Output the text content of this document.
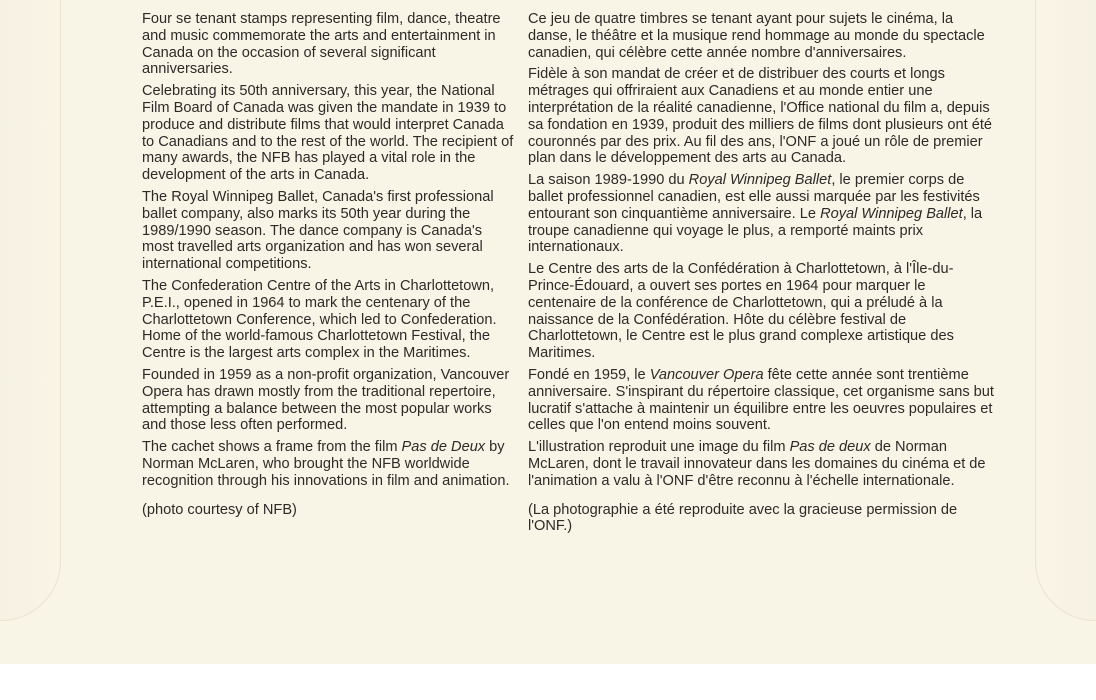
Four se tenant stamps representing film, dance, theatre and music commemorate the arts and entertainment in Canada on the occasion of several significant anniversaries.

Celebrating its 50th anniversary, this year, the National Film Board of Canada was given the mandate in 1939 to produce and distribute films that would interpret Canada to Canadians and to the rest of the world. The recipient of many awards, the NFB has played a vital role in the development of the arts in Canada.

The Royal Winnipeg Ballet, Canada's first professional ballet company, also marks its 50th year during the 1989/1990 season. The dance company is Canada's most travelled arts organization and has won several international competitions.

The Confederation Centre of the Arts in Charlottetown, P.E.I., opened in 1964 to mark the centenary of the Charlottetown Conference, which led to Confederation. Home of the world-famous Charlottetown Festival, the Centre is the largest arts complex in the Maritimes.

Founded in 1959 as a non-profit organization, Vancouver Opera has drawn mostly from the traditional repertoire, attempting a balance between the most popular works and those less often performed.

The cachet shows a frame from the film Pas de Deux by Norman McLaren, who brought the NFB worldwide recognition through his innovations in film and animation.

(photo courtesy of NFB)

Ce jeu de quatre timbres se tenant ayant pour sujets le cinéma, la danse, le théâtre et la musique rend hommage au monde du spectacle canadien, qui célèbre cette année nombre d'anniversaires.

Fidèle à son mandat de créer et de distribuer des courts et longs métrages qui offriraient aux Canadiens et au monde entier une interprétation de la réalité canadienne, l'Office national du film a, depuis sa fondation en 1939, produit des milliers de films dont plusieurs ont été couronnés par des prix. Au fil des ans, l'ONF a joué un rôle de premier plan dans le développement des arts au Canada.

La saison 1989-1990 du Royal Winnipeg Ballet, le premier corps de ballet professionnel canadien, est elle aussi marquée par les festivités entourant son cinquantième anniversaire. Le Royal Winnipeg Ballet, la troupe canadienne qui voyage le plus, a remporté maints prix internationaux.

Le Centre des arts de la Confédération à Charlottetown, à l'Île-du-Prince-Édouard, a ouvert ses portes en 1964 pour marquer le centenaire de la conférence de Charlottetown, qui a préludé à la naissance de la Confédération. Hôte du célèbre festival de Charlottetown, le Centre est le plus grand complexe artistique des Maritimes.

Fondé en 1959, le Vancouver Opera fête cette année sont trentième anniversaire. S'inspirant du répertoire classique, cet organisme sans but lucratif s'attache à maintenir un équilibre entre les oeuvres populaires et celles que l'on entend moins souvent.

L'illustration reproduit une image du film Pas de deux de Norman McLaren, dont le travail innovateur dans les domaines du cinéma et de l'animation a valu à l'ONF d'être reconnu à l'échelle internationale.

(La photographie a été reproduite avec la gracieuse permission de l'ONF.)
